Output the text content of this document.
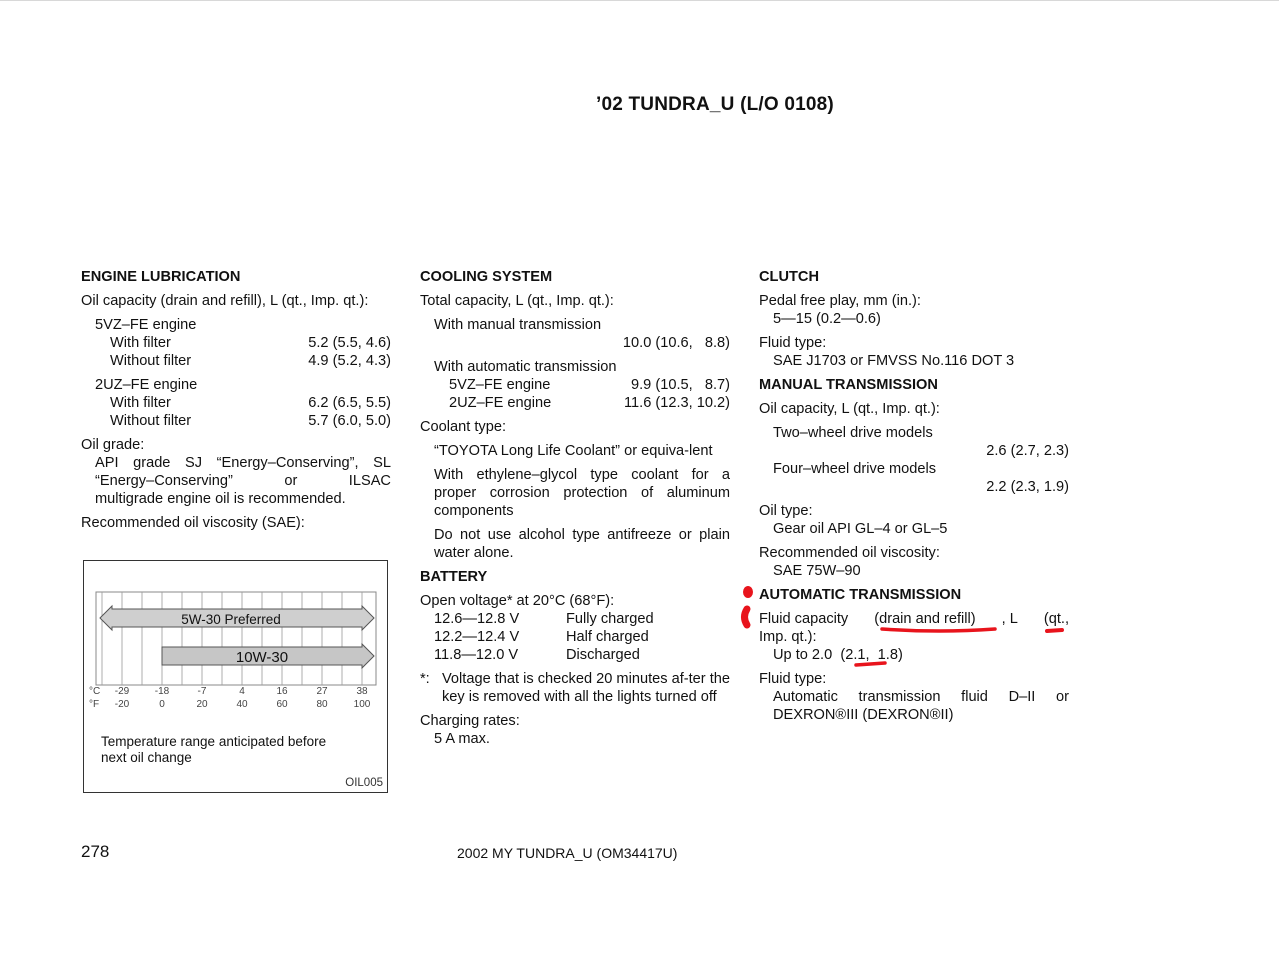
’02 TUNDRA_U (L/O 0108)
ENGINE LUBRICATION
Oil capacity (drain and refill), L (qt., Imp. qt.):
5VZ–FE engine
With filter	5.2 (5.5, 4.6)
Without filter	4.9 (5.2, 4.3)
2UZ–FE engine
With filter	6.2 (6.5, 5.5)
Without filter	5.7 (6.0, 5.0)
Oil grade:
API grade SJ “Energy–Conserving”, SL
“Energy–Conserving”	or	ILSAC
multigrade engine oil is recommended.
Recommended oil viscosity (SAE):
5W-30 Preferred
10W-30
°C
°F
-29
-20
-18
0
-7
20
4
40
16
60
27
80
38
100
Temperature range anticipated before
next oil change
OIL005
COOLING SYSTEM
Total capacity, L (qt., Imp. qt.):
With manual transmission
10.0 (10.6,   8.8)
With automatic transmission
5VZ–FE engine	9.9 (10.5,   8.7)
2UZ–FE engine	11.6 (12.3, 10.2)
Coolant type:
“TOYOTA Long Life Coolant” or equiva-lent
With ethylene–glycol type coolant for a proper corrosion protection of aluminum components
Do not use alcohol type antifreeze or plain water alone.
BATTERY
Open voltage* at 20°C (68°F):
12.6—12.8 V	Fully charged
12.2—12.4 V	Half charged
11.8—12.0 V	Discharged
*: Voltage that is checked 20 minutes af-ter the key is removed with all the lights turned off
Charging rates:
5 A max.
CLUTCH
Pedal free play, mm (in.):
5—15 (0.2—0.6)
Fluid type:
SAE J1703 or FMVSS No.116 DOT 3
MANUAL TRANSMISSION
Oil capacity, L (qt., Imp. qt.):
Two–wheel drive models
2.6 (2.7, 2.3)
Four–wheel drive models
2.2 (2.3, 1.9)
Oil type:
Gear oil API GL–4 or GL–5
Recommended oil viscosity:
SAE 75W–90
AUTOMATIC TRANSMISSION
Fluid capacity (drain and refill) , L (qt.,
Imp. qt.):
Up to 2.0 (2.1, 1.8)
Fluid type:
Automatic transmission fluid D–II or
DEXRON®III (DEXRON®II)
278	2002 MY TUNDRA_U (OM34417U)
